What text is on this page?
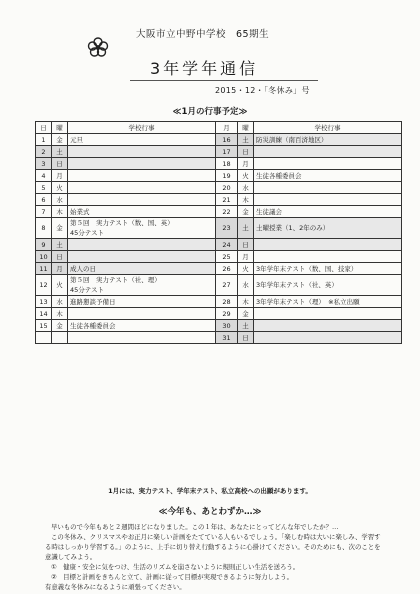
大阪市立中野中学校　65期生
3年学年通信
2015・12・「冬休み」号
≪1月の行事予定≫
日	曜	学校行事	月	曜	学校行事
1	金	元旦	16	土	防災訓練（南百済地区）
2	土		17	日	
3	日		18	月	
4	月		19	火	生徒各種委員会
5	火		20	水	
6	水		21	木	
7	木	始業式	22	金	生徒議会
8	金	第５回　実力テスト（数、国、英）
45分テスト	23	土	土曜授業（1、2年のみ）
9	土		24	日	
10	日		25	月	
11	月	成人の日	26	火	3年学年末テスト（数、国、技家）
12	火	第５回　実力テスト（社、理）
45分テスト	27	水	3年学年末テスト（社、英）
13	水	進路懇談予備日	28	木	3年学年末テスト（理）　※私立出願
14	木		29	金	
15	金	生徒各種委員会	30	土	
			31	日	
1月には、実力テスト、学年末テスト、私立高校への出願があります。
≪今年も、あとわずか…≫

早いもので今年もあと２週間ほどになりました。この１年は、あなたにとってどんな年でしたか？…

この冬休み、クリスマスやお正月に楽しい計画をたてている人もいるでしょう。「楽しむ時は大いに楽しみ、学習する時はしっかり学習する。」のように、上手に切り替え行動するように心掛けてください。そのためにも、次のことを意識してみよう。

①　健康・安全に気をつけ、生活のリズムを崩さないように規則正しい生活を送ろう。

②　目標と計画をきちんと立て、計画に従って目標が実現できるように努力しよう。

有意義な冬休みになるように頑張ってください。
